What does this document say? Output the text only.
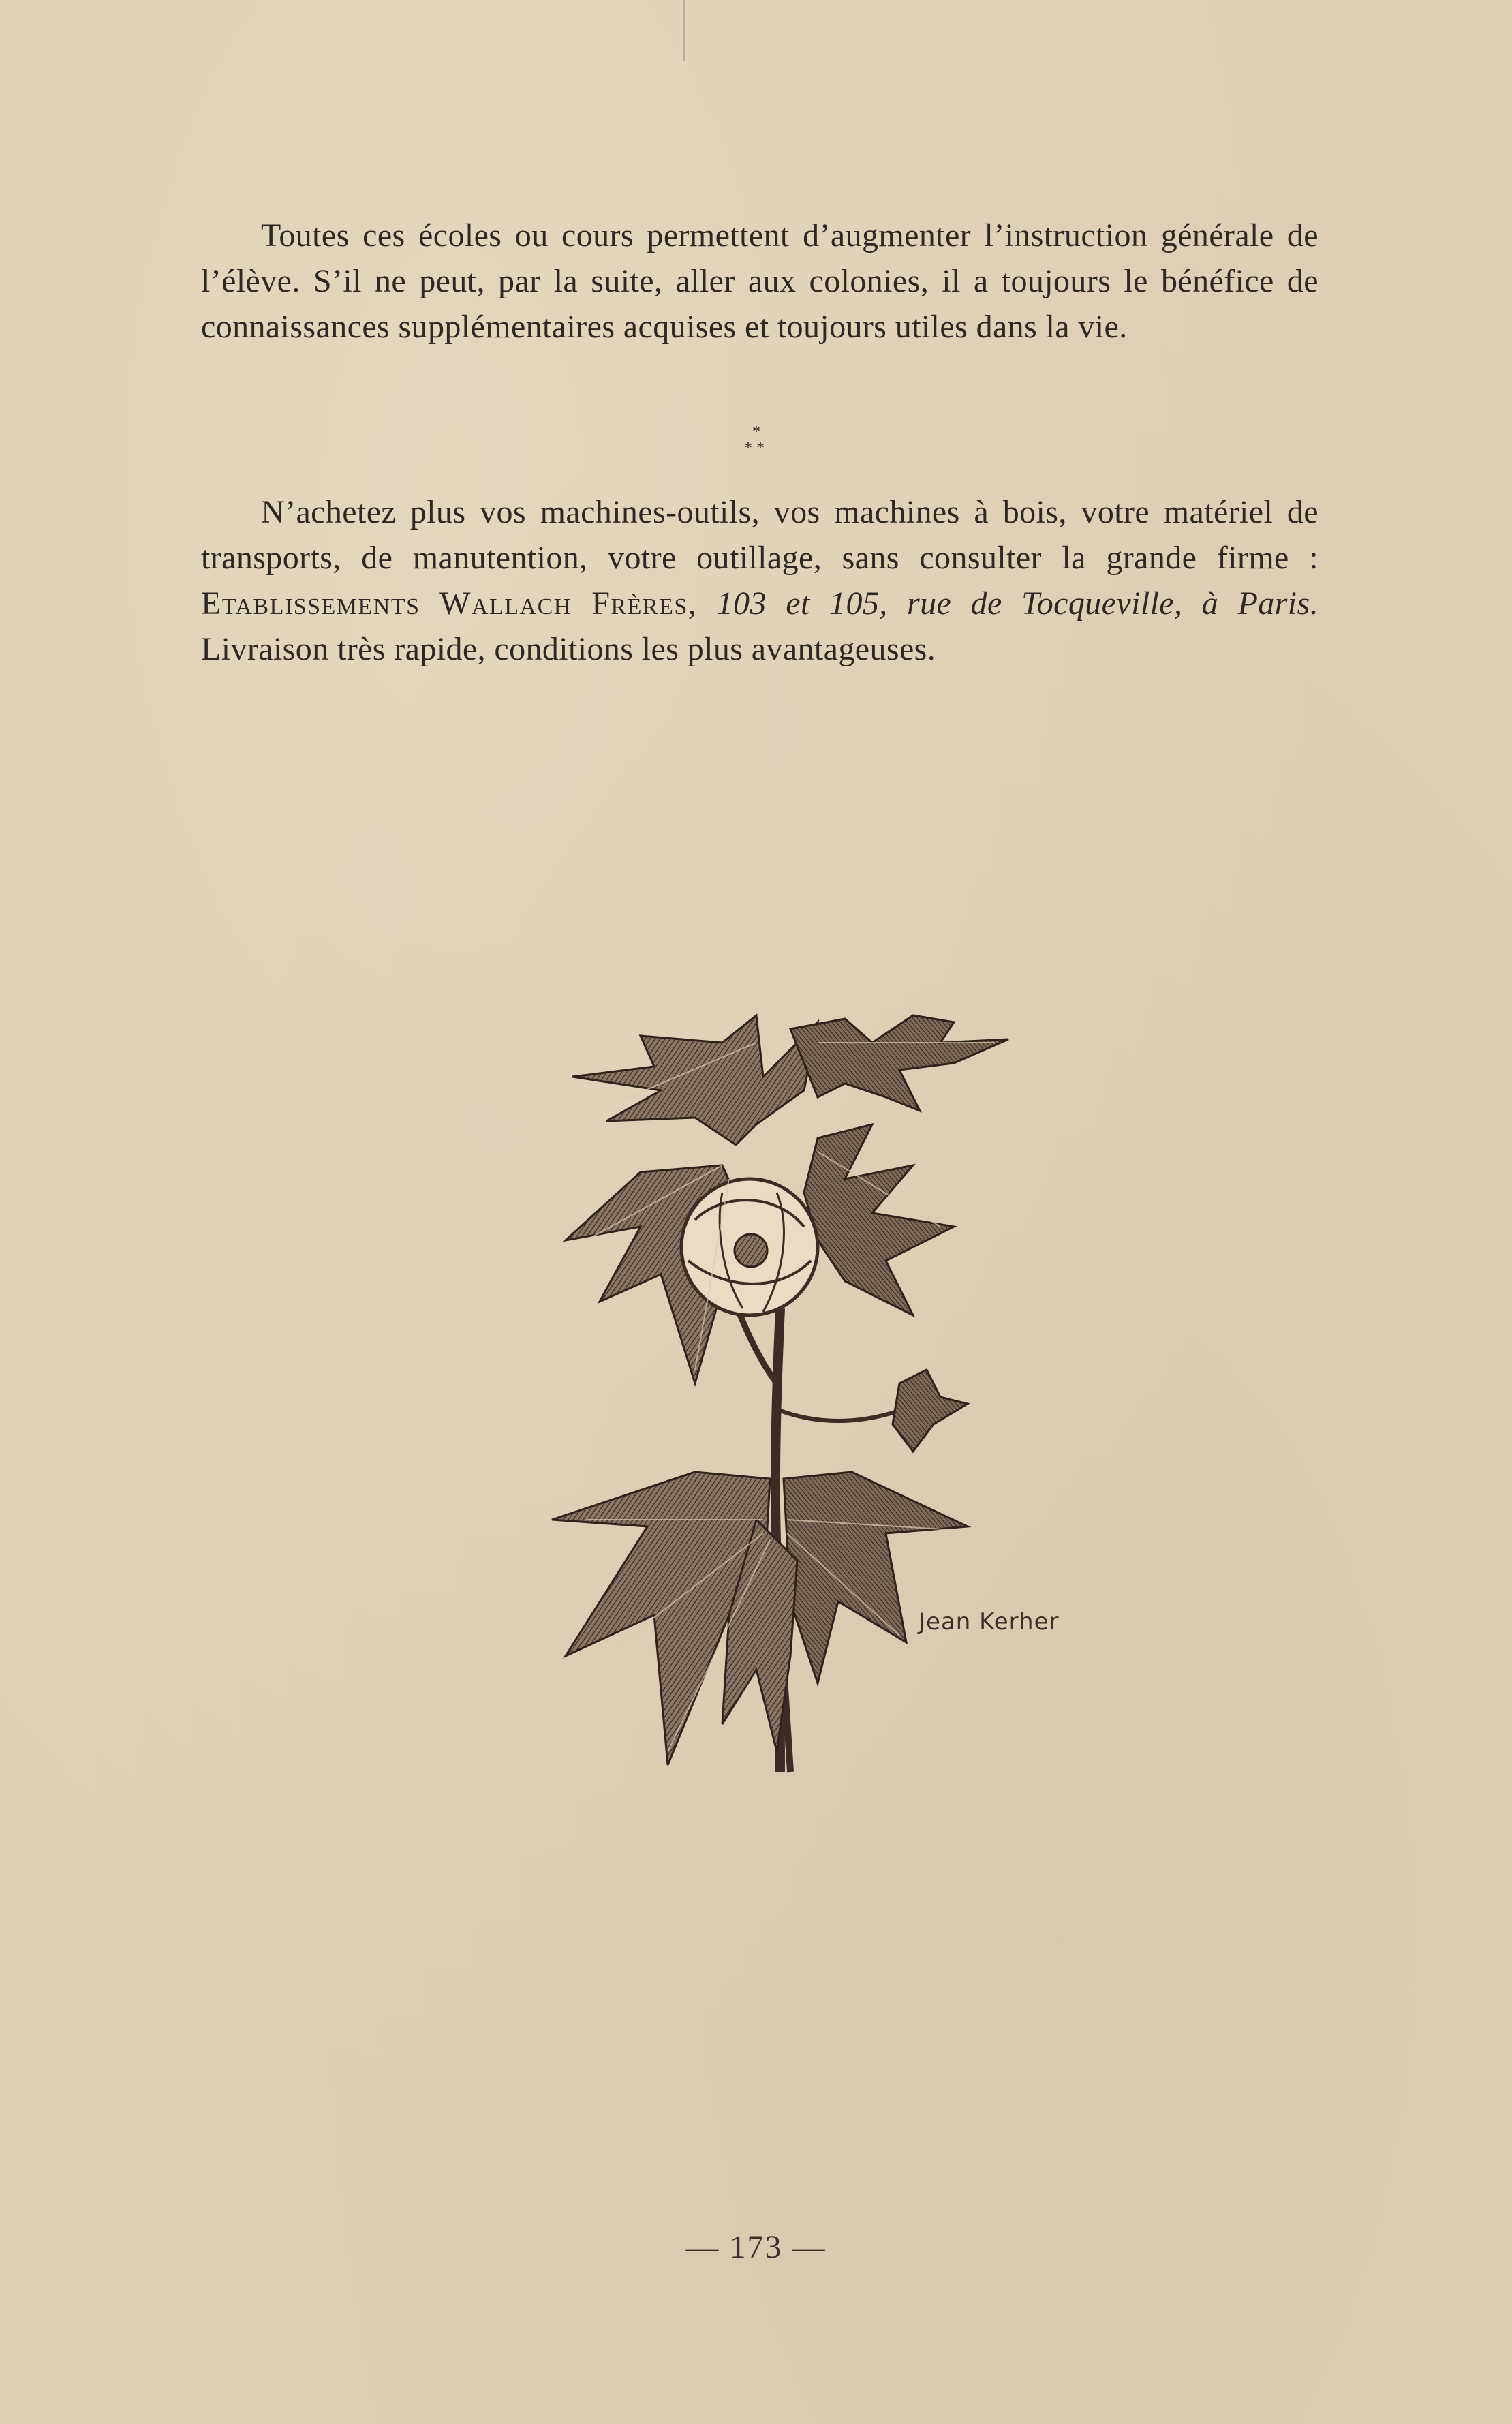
Toutes ces écoles ou cours permettent d’augmenter l’instruction générale de l’élève. S’il ne peut, par la suite, aller aux colonies, il a toujours le bénéfice de connaissances supplémentaires acquises et toujours utiles dans la vie.

*
**

N’achetez plus vos machines-outils, vos machines à bois, votre matériel de transports, de manutention, votre outillage, sans consulter la grande firme : Etablissements Wallach Frères, 103 et 105, rue de Tocqueville, à Paris. Livraison très rapide, conditions les plus avantageuses.

Jean Kerher
— 173 —
